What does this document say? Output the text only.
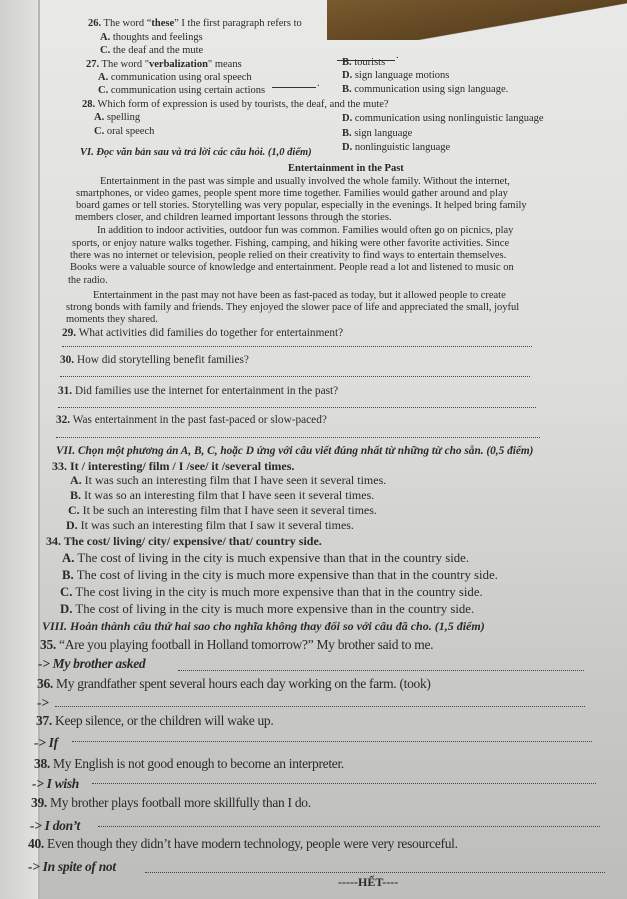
26. The word “these” I the first paragraph refers to
.
A. thoughts and feelings
C. the deaf and the mute
B. tourists
D. sign language motions
27. The word "verbalization" means
.
A. communication using oral speech
C. communication using certain actions	B. communication using sign language.
D. communication using nonlinguistic language
28. Which form of expression is used by tourists, the deaf, and the mute?
A. spelling
C. oral speech	B. sign language
D. nonlinguistic language
VI. Đọc văn bản sau và trả lời các câu hỏi. (1,0 điểm)
Entertainment in the Past
Entertainment in the past was simple and usually involved the whole family. Without the internet,
smartphones, or video games, people spent more time together. Families would gather around and play
board games or tell stories. Storytelling was very popular, especially in the evenings. It helped bring family
members closer, and children learned important lessons through the stories.
In addition to indoor activities, outdoor fun was common. Families would often go on picnics, play
sports, or enjoy nature walks together. Fishing, camping, and hiking were other favorite activities. Since
there was no internet or television, people relied on their creativity to find ways to entertain themselves.
Books were a valuable source of knowledge and entertainment. People read a lot and listened to music on
the radio.
Entertainment in the past may not have been as fast-paced as today, but it allowed people to create
strong bonds with family and friends. They enjoyed the slower pace of life and appreciated the small, joyful
moments they shared.
29. What activities did families do together for entertainment?
30. How did storytelling benefit families?
31. Did families use the internet for entertainment in the past?
32. Was entertainment in the past fast-paced or slow-paced?
VII. Chọn một phương án A, B, C, hoặc D ứng với câu viết đúng nhất từ những từ cho sẵn. (0,5 điểm)
33. It / interesting/ film / I /see/ it /several times.
A. It was such an interesting film that I have seen it several times.
B. It was so an interesting film that I have seen it several times.
C. It be such an interesting film that I have seen it several times.
D. It was such an interesting film that I saw it several times.
34. The cost/ living/ city/ expensive/ that/ country side.
A. The cost of living in the city is much expensive than that in the country side.
B. The cost of living in the city is much more expensive than that in the country side.
C. The cost living in the city is much more expensive than that in the country side.
D. The cost of living in the city is much more expensive than in the country side.
VIII. Hoàn thành câu thứ hai sao cho nghĩa không thay đổi so với câu đã cho. (1,5 điểm)
35. “Are you playing football in Holland tomorrow?” My brother said to me.
-> My brother asked
36. My grandfather spent several hours each day working on the farm. (took)
->
37. Keep silence, or the children will wake up.
-> If
38. My English is not good enough to become an interpreter.
-> I wish
39. My brother plays football more skillfully than I do.
-> I don’t
40. Even though they didn’t have modern technology, people were very resourceful.
-> In spite of not
-----HẾT----
